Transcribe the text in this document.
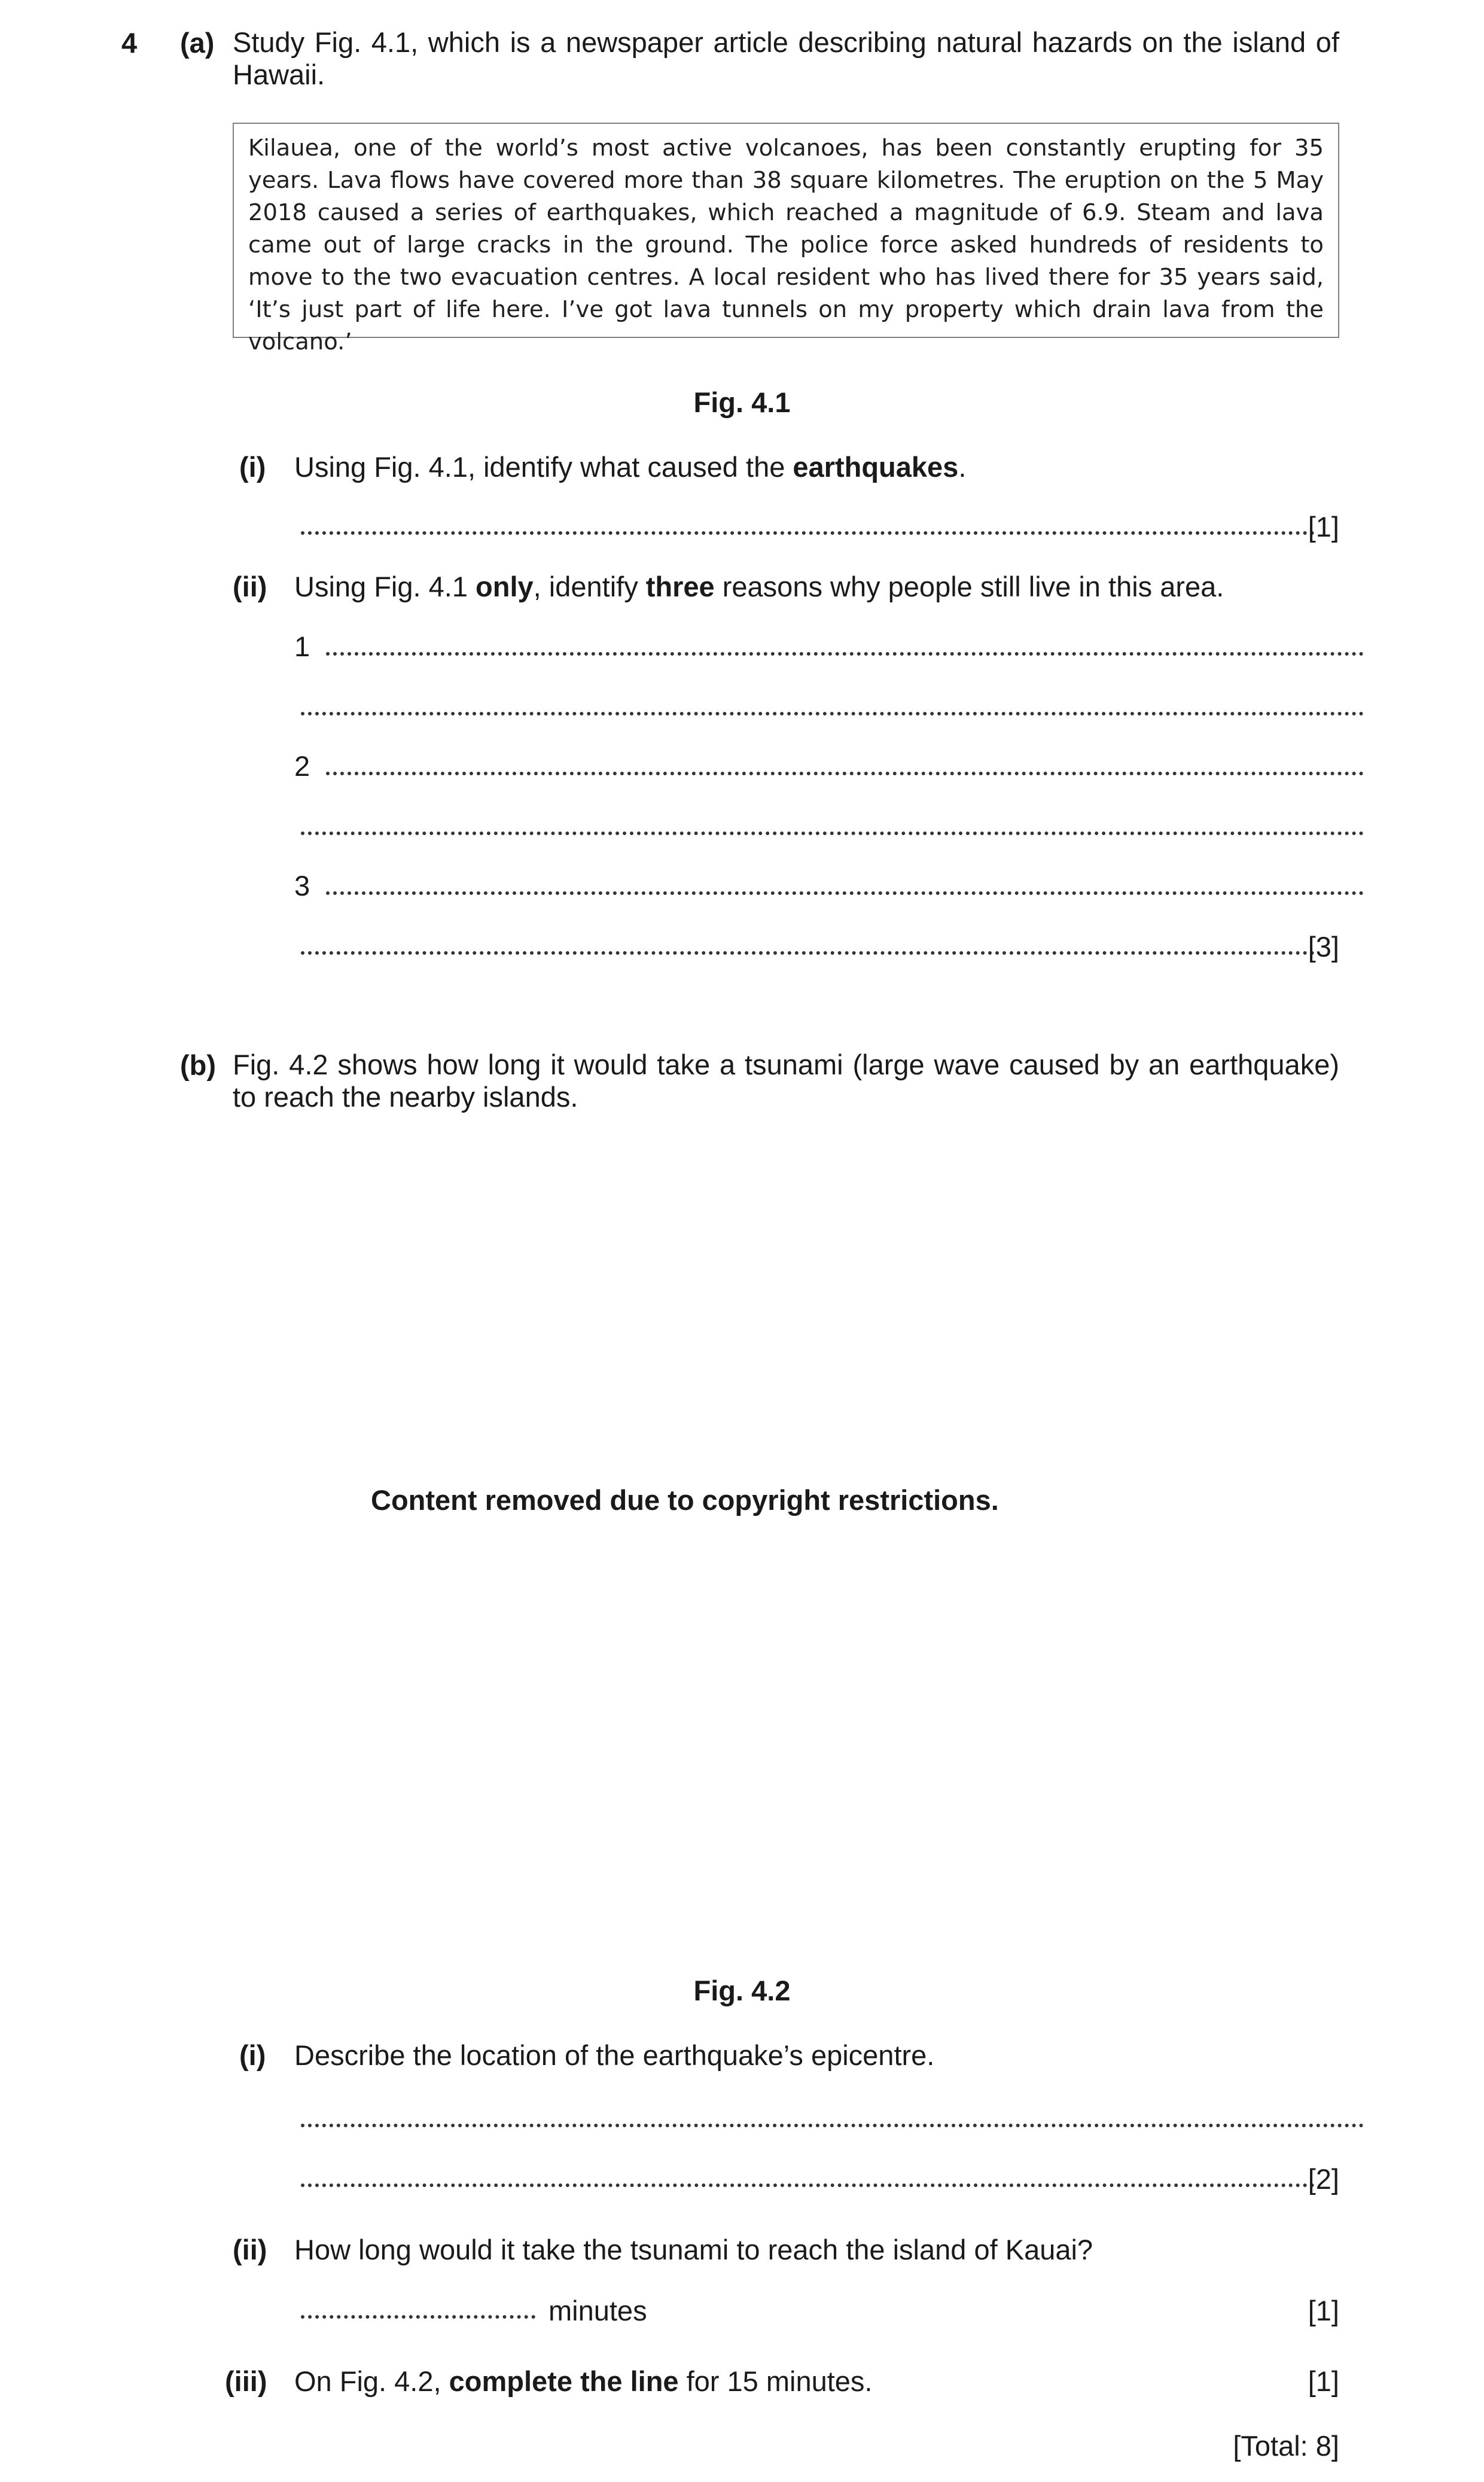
4 (a) Study Fig. 4.1, which is a newspaper article describing natural hazards on the island of Hawaii.
Kilauea, one of the world’s most active volcanoes, has been constantly erupting for 35 years. Lava flows have covered more than 38 square kilometres. The eruption on the 5 May 2018 caused a series of earthquakes, which reached a magnitude of 6.9. Steam and lava came out of large cracks in the ground. The police force asked hundreds of residents to move to the two evacuation centres. A local resident who has lived there for 35 years said, ‘It’s just part of life here. I’ve got lava tunnels on my property which drain lava from the volcano.’
Fig. 4.1
(i) Using Fig. 4.1, identify what caused the earthquakes.
[1]
(ii) Using Fig. 4.1 only, identify three reasons why people still live in this area.
1
2
3
[3]
(b) Fig. 4.2 shows how long it would take a tsunami (large wave caused by an earthquake) to reach the nearby islands.
Content removed due to copyright restrictions.
Fig. 4.2
(i) Describe the location of the earthquake’s epicentre.
[2]
(ii) How long would it take the tsunami to reach the island of Kauai?
minutes	[1]
(iii) On Fig. 4.2, complete the line for 15 minutes.	[1]
[Total: 8]
